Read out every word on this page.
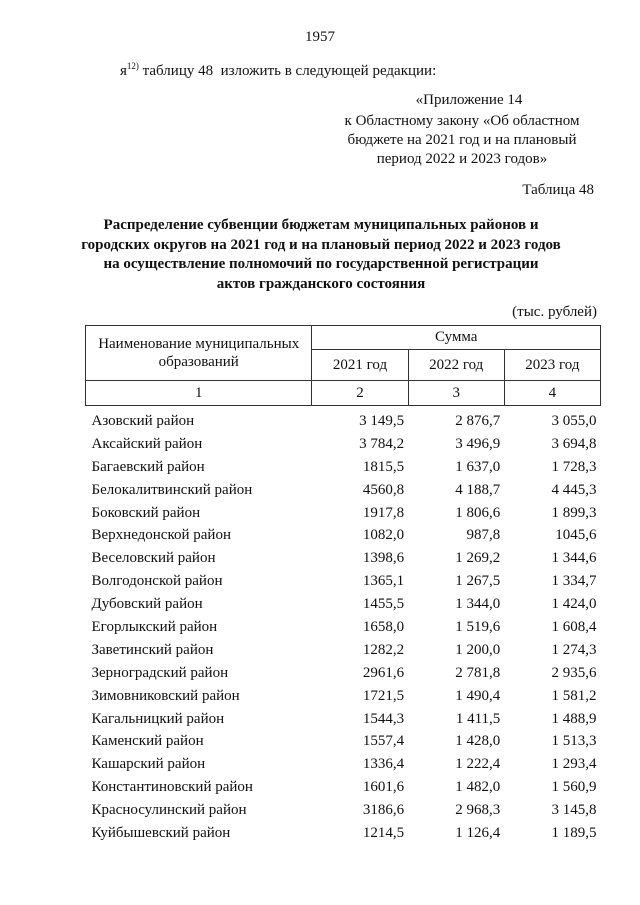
1957
$я^{12)}$ таблицу 48  изложить в следующей редакции:
«Приложение 14
к Областному закону «Об областном
бюджете на 2021 год и на плановый
период 2022 и 2023 годов»
Таблица 48
Распределение субвенции бюджетам муниципальных районов и
городских округов на 2021 год и на плановый период 2022 и 2023 годов
на осуществление полномочий по государственной регистрации
актов гражданского состояния
(тыс. рублей)
Наименование муниципальных образований	Сумма		
	2021 год	2022 год	2023 год
1	2	3	4
Азовский район	3 149,5	2 876,7	3 055,0
Аксайский район	3 784,2	3 496,9	3 694,8
Багаевский район	1815,5	1 637,0	1 728,3
Белокалитвинский район	4560,8	4 188,7	4 445,3
Боковский район	1917,8	1 806,6	1 899,3
Верхнедонской район	1082,0	987,8	1045,6
Веселовский район	1398,6	1 269,2	1 344,6
Волгодонской район	1365,1	1 267,5	1 334,7
Дубовский район	1455,5	1 344,0	1 424,0
Егорлыкский район	1658,0	1 519,6	1 608,4
Заветинский район	1282,2	1 200,0	1 274,3
Зерноградский район	2961,6	2 781,8	2 935,6
Зимовниковский район	1721,5	1 490,4	1 581,2
Кагальницкий район	1544,3	1 411,5	1 488,9
Каменский район	1557,4	1 428,0	1 513,3
Кашарский район	1336,4	1 222,4	1 293,4
Константиновский район	1601,6	1 482,0	1 560,9
Красносулинский район	3186,6	2 968,3	3 145,8
Куйбышевский район	1214,5	1 126,4	1 189,5
